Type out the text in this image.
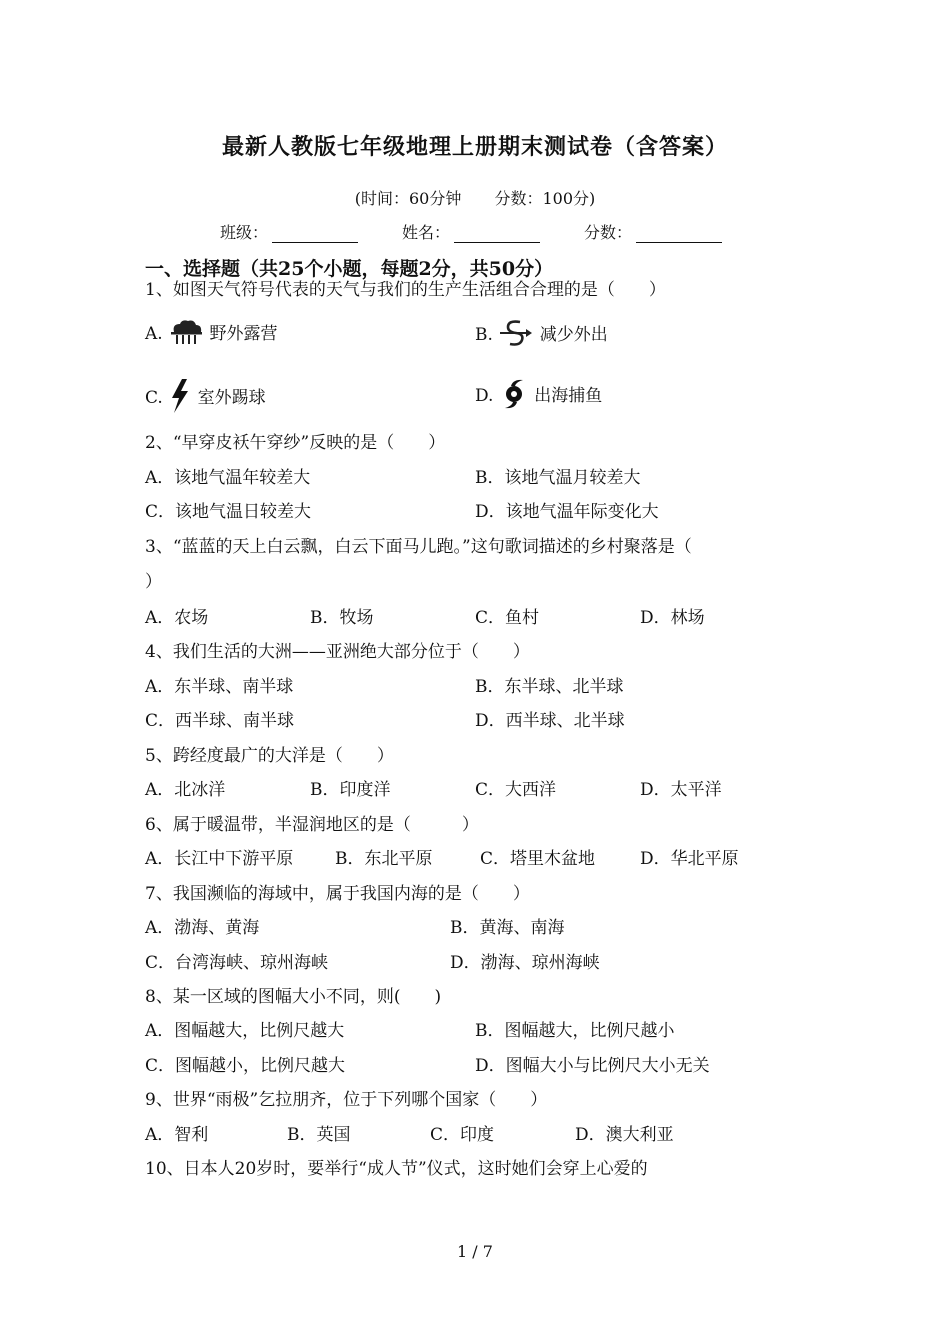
最新人教版七年级地理上册期末测试卷（含答案）
(时间：60分钟 分数：100分)
班级：	姓名：	分数：
一、选择题（共25个小题，每题2分，共50分）
1、如图天气符号代表的天气与我们的生产生活组合合理的是（　　）
A.	野外露营	B.	减少外出
C. 室外踢球	D. 出海捕鱼
2、“早穿皮袄午穿纱”反映的是（　　）
A．该地气温年较差大	B．该地气温月较差大
C．该地气温日较差大	D．该地气温年际变化大
3、“蓝蓝的天上白云飘，白云下面马儿跑。”这句歌词描述的乡村聚落是（
）
A．农场	B．牧场	C．鱼村	D．林场
4、我们生活的大洲——亚洲绝大部分位于（　　）
A．东半球、南半球	B．东半球、北半球
C．西半球、南半球	D．西半球、北半球
5、跨经度最广的大洋是（　　）
A．北冰洋	B．印度洋	C．大西洋	D．太平洋
6、属于暖温带，半湿润地区的是（　　　）
A．长江中下游平原 B．东北平原	C．塔里木盆地	D．华北平原
7、我国濒临的海域中，属于我国内海的是（　　）
A．渤海、黄海	B．黄海、南海
C．台湾海峡、琼州海峡	D．渤海、琼州海峡
8、某一区域的图幅大小不同，则(　　)
A．图幅越大，比例尺越大	B．图幅越大，比例尺越小
C．图幅越小，比例尺越大	D．图幅大小与比例尺大小无关
9、世界“雨极”乞拉朋齐，位于下列哪个国家（　　）
A．智利	B．英国	C．印度	D．澳大利亚
10、日本人20岁时，要举行“成人节”仪式，这时她们会穿上心爱的
1 / 7
